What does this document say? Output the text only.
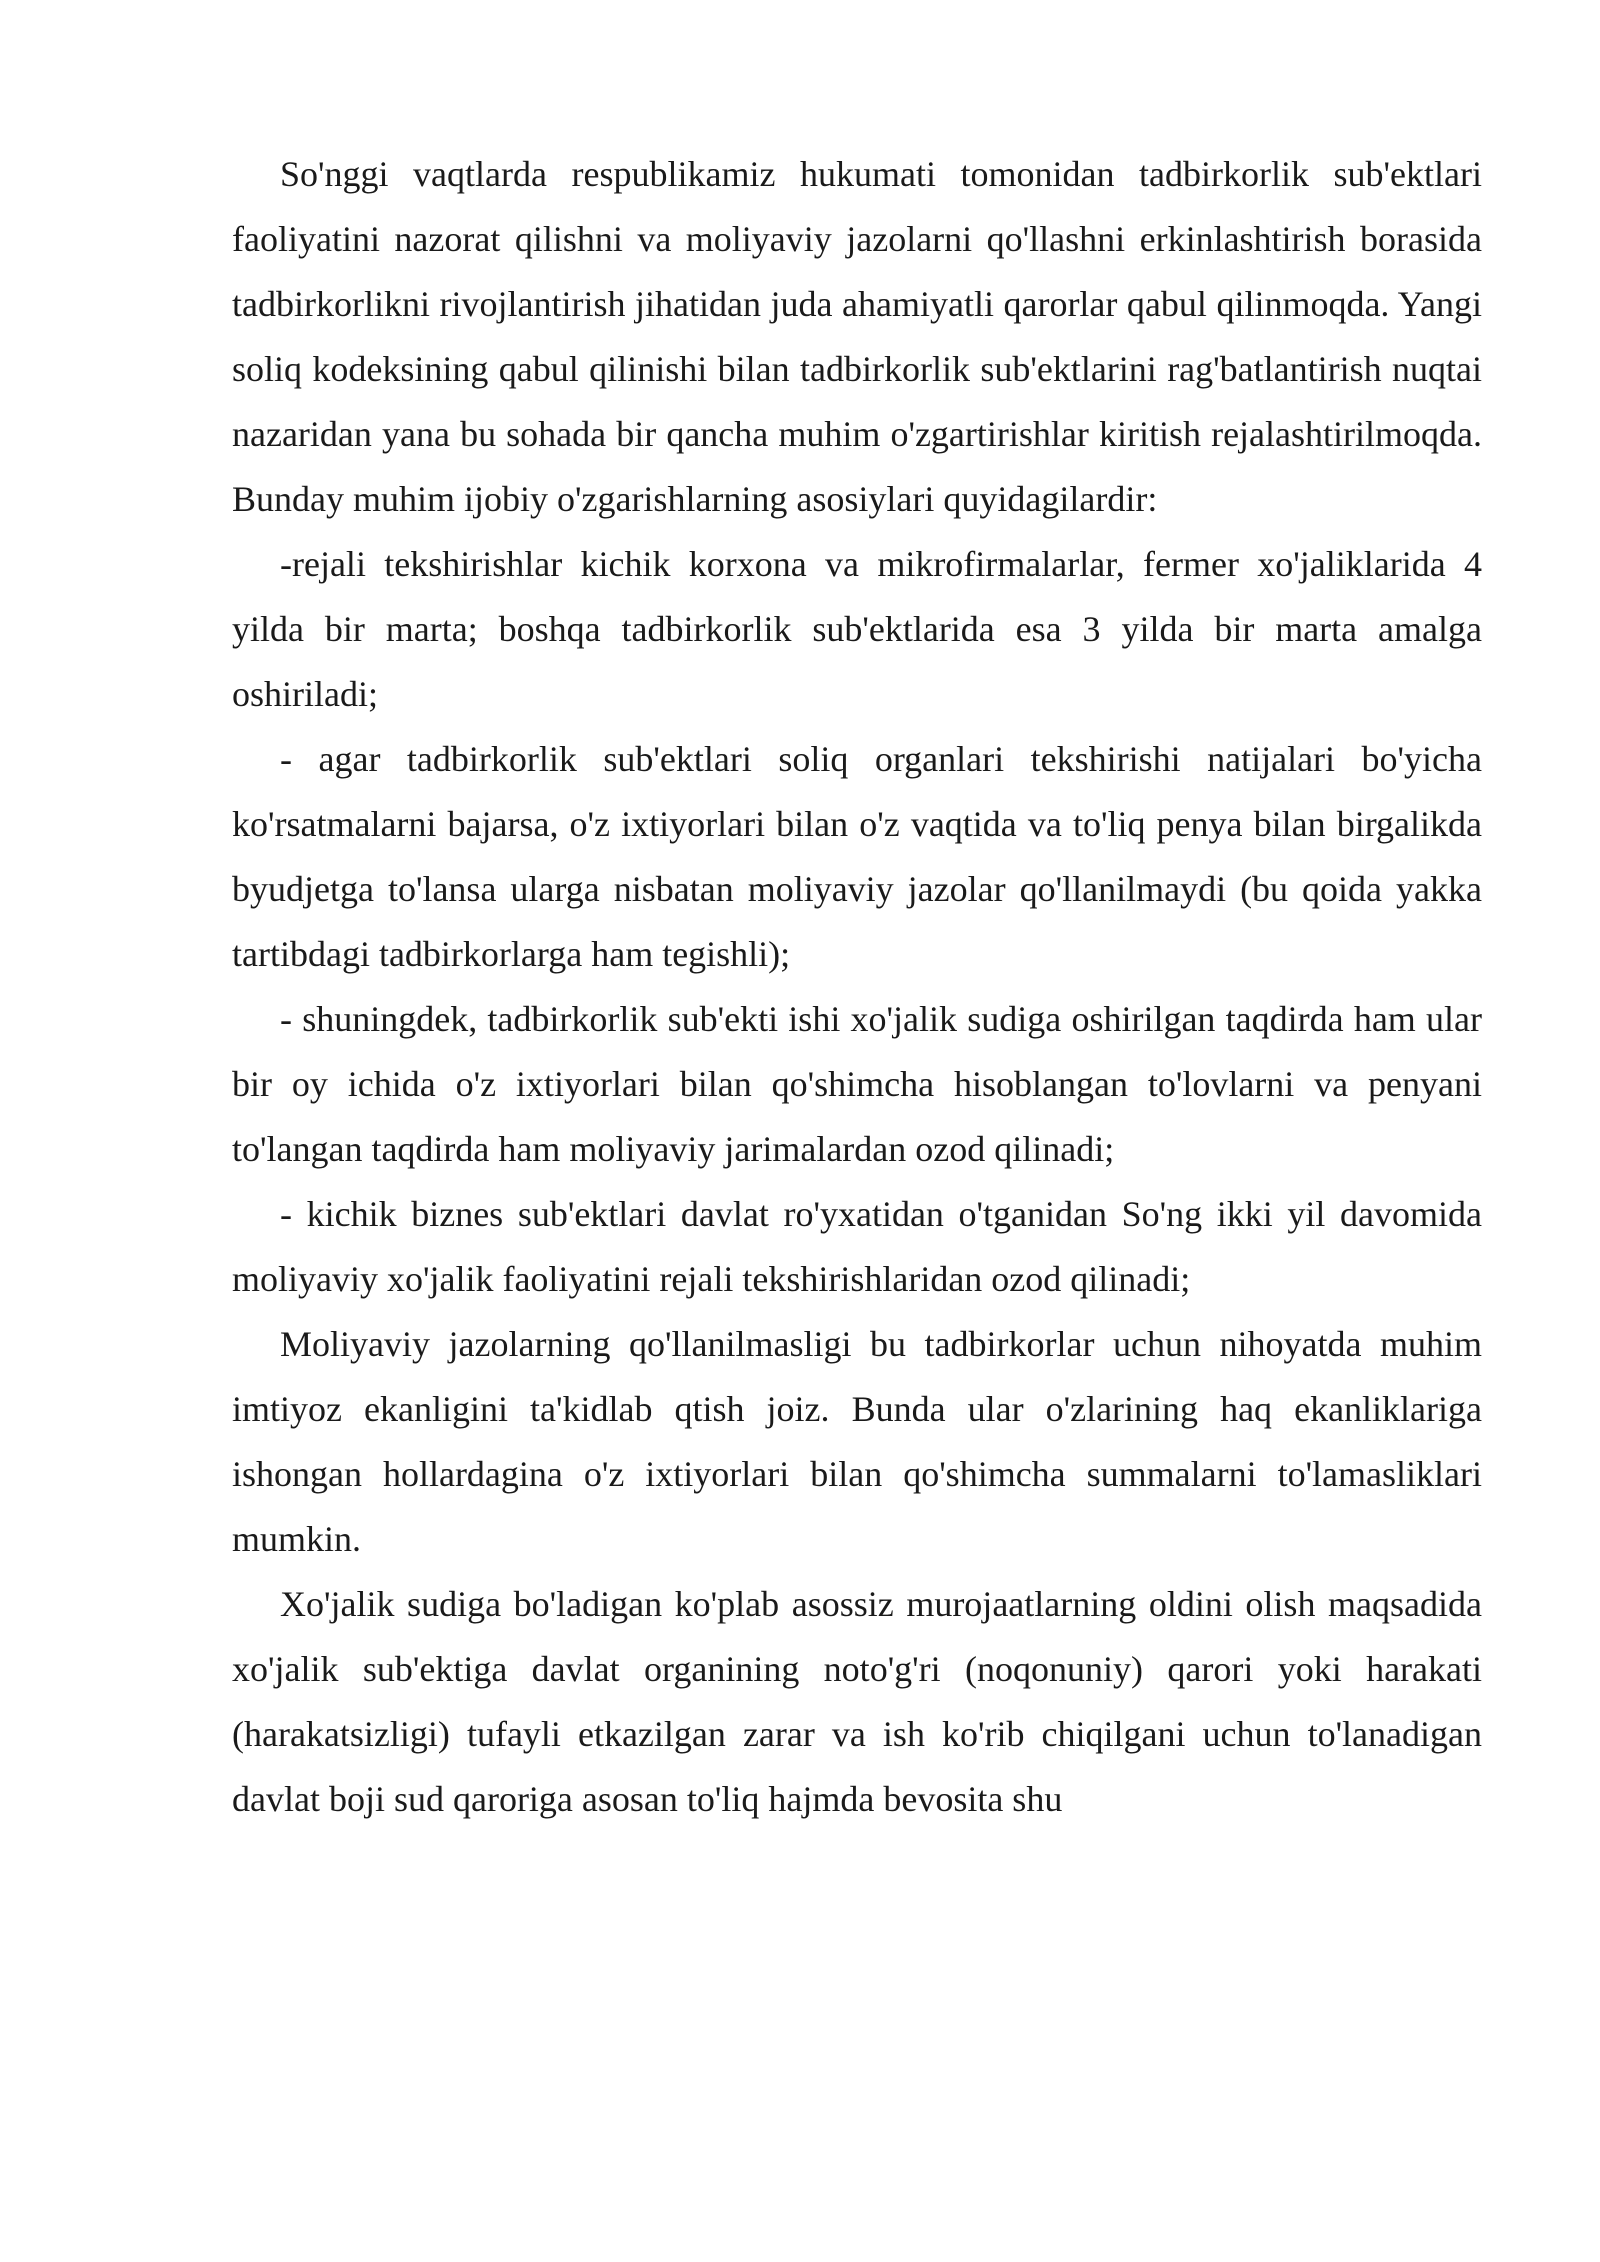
So'nggi vaqtlarda respublikamiz hukumati tomonidan tadbirkorlik sub'ektlari faoliyatini nazorat qilishni va moliyaviy jazolarni qo'llashni erkinlashtirish borasida tadbirkorlikni rivojlantirish jihatidan juda ahamiyatli qarorlar qabul qilinmoqda. Yangi soliq kodeksining qabul qilinishi bilan tadbirkorlik sub'ektlarini rag'batlantirish nuqtai nazaridan yana bu sohada bir qancha muhim o'zgartirishlar kiritish rejalashtirilmoqda. Bunday muhim ijobiy o'zgarishlarning asosiylari quyidagilardir:

-rejali tekshirishlar kichik korxona va mikrofirmalarlar, fermer xo'jaliklarida 4 yilda bir marta; boshqa tadbirkorlik sub'ektlarida esa 3 yilda bir marta amalga oshiriladi;

- agar tadbirkorlik sub'ektlari soliq organlari tekshirishi natijalari bo'yicha ko'rsatmalarni bajarsa, o'z ixtiyorlari bilan o'z vaqtida va to'liq penya bilan birgalikda byudjetga to'lansa ularga nisbatan moliyaviy jazolar qo'llanilmaydi (bu qoida yakka tartibdagi tadbirkorlarga ham tegishli);

- shuningdek, tadbirkorlik sub'ekti ishi xo'jalik sudiga oshirilgan taqdirda ham ular bir oy ichida o'z ixtiyorlari bilan qo'shimcha hisoblangan to'lovlarni va penyani to'langan taqdirda ham moliyaviy jarimalardan ozod qilinadi;

- kichik biznes sub'ektlari davlat ro'yxatidan o'tganidan So'ng ikki yil davomida moliyaviy xo'jalik faoliyatini rejali tekshirishlaridan ozod qilinadi;

Moliyaviy jazolarning qo'llanilmasligi bu tadbirkorlar uchun nihoyatda muhim imtiyoz ekanligini ta'kidlab qtish joiz. Bunda ular o'zlarining haq ekanliklariga ishongan hollardagina o'z ixtiyorlari bilan qo'shimcha summalarni to'lamasliklari mumkin.

Xo'jalik sudiga bo'ladigan ko'plab asossiz murojaatlarning oldini olish maqsadida xo'jalik sub'ektiga davlat organining noto'g'ri (noqonuniy) qarori yoki harakati (harakatsizligi) tufayli etkazilgan zarar va ish ko'rib chiqilgani uchun to'lanadigan davlat boji sud qaroriga asosan to'liq hajmda bevosita shu
